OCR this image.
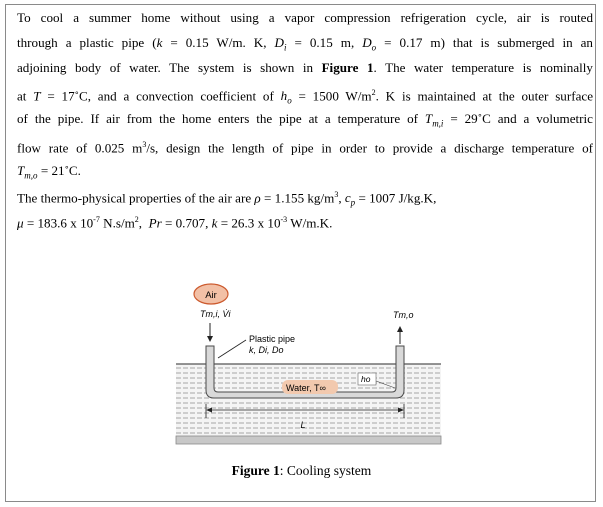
To cool a summer home without using a vapor compression refrigeration cycle, air is routed
through a plastic pipe (k = 0.15 W/m. K, $D_i = 0.15$ m, $D_o = 0.17$ m) that is submerged in an
adjoining body of water. The system is shown in Figure 1. The water temperature is nominally
at T = 17˚C, and a convection coefficient of $h_o = 1500$ $W/m^2$. K is maintained at the outer surface
of the pipe. If air from the home enters the pipe at a temperature of $T_{m,i}$ = 29˚C and a volumetric
flow rate of 0.025 $m^3/s$, design the length of pipe in order to provide a discharge temperature of
$T_{m,o}$ = 21˚C.
The thermo-physical properties of the air are ρ = 1.155 $kg/m^3$, $c_p = 1007$ J/kg.K,
μ = 183.6 x $10^{-7}$ $N.s/m^2$,  Pr = 0.707, k = 26.3 x $10^{-3}$ W/m.K.
Air
Tm,i, V̇i	Tm,o
Plastic pipe
k, Di, Do
Water, T∞
ho
L
Figure 1: Cooling system
